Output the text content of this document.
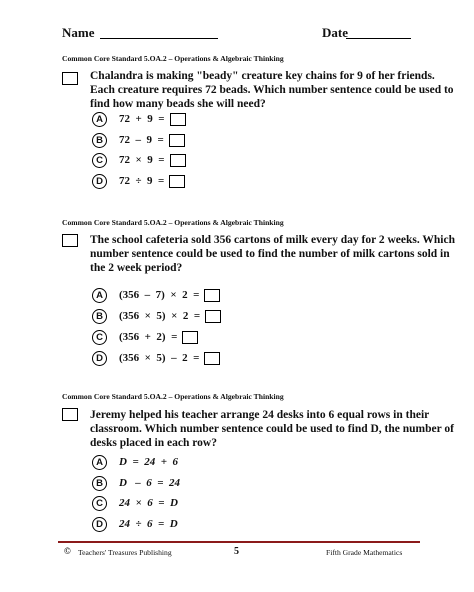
Name	Date
Common Core Standard 5.OA.2 – Operations & Algebraic Thinking
Chalandra is making "beady" creature key chains for 9 of her friends. Each creature requires 72 beads. Which number sentence could be used to find how many beads she will need?
A	72  +  9  =
B	72  –  9  =
C	72  ×  9  =
D	72  ÷  9  =
Common Core Standard 5.OA.2 – Operations & Algebraic Thinking
The school cafeteria sold 356 cartons of milk every day for 2 weeks. Which number sentence could be used to find the number of milk cartons sold in the 2 week period?
A	(356  –  7)  ×  2  =
B	(356  ×  5)  ×  2  =
C	(356  +  2)  =
D	(356  ×  5)  –  2  =
Common Core Standard 5.OA.2 – Operations & Algebraic Thinking
Jeremy helped his teacher arrange 24 desks into 6 equal rows in their classroom. Which number sentence could be used to find D, the number of desks placed in each row?
A	D  =  24  +  6
B	D   –  6  =  24
C	24  ×  6  =  D
D	24  ÷  6  =  D
© Teachers' Treasures Publishing	5	Fifth Grade Mathematics
